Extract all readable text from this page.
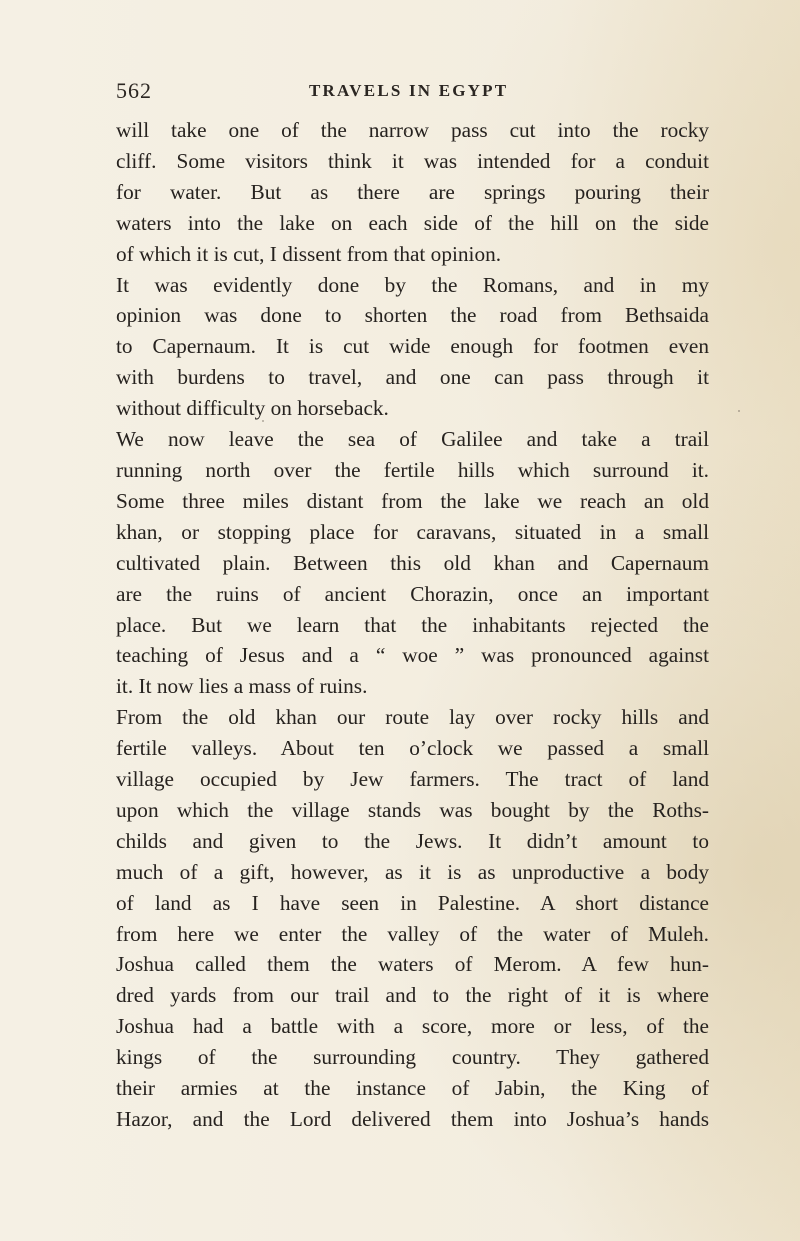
562	TRAVELS IN EGYPT
will take one of the narrow pass cut into the rocky
cliff. Some visitors think it was intended for a conduit
for water. But as there are springs pouring their
waters into the lake on each side of the hill on the side
of which it is cut, I dissent from that opinion.
It was evidently done by the Romans, and in my
opinion was done to shorten the road from Bethsaida
to Capernaum. It is cut wide enough for footmen even
with burdens to travel, and one can pass through it
without difficulty on horseback.
We now leave the sea of Galilee and take a trail
running north over the fertile hills which surround it.
Some three miles distant from the lake we reach an old
khan, or stopping place for caravans, situated in a small
cultivated plain. Between this old khan and Capernaum
are the ruins of ancient Chorazin, once an important
place. But we learn that the inhabitants rejected the
teaching of Jesus and a “ woe ” was pronounced against
it. It now lies a mass of ruins.
From the old khan our route lay over rocky hills and
fertile valleys. About ten o’clock we passed a small
village occupied by Jew farmers. The tract of land
upon which the village stands was bought by the Roths-
childs and given to the Jews. It didn’t amount to
much of a gift, however, as it is as unproductive a body
of land as I have seen in Palestine. A short distance
from here we enter the valley of the water of Muleh.
Joshua called them the waters of Merom. A few hun-
dred yards from our trail and to the right of it is where
Joshua had a battle with a score, more or less, of the
kings of the surrounding country. They gathered
their armies at the instance of Jabin, the King of
Hazor, and the Lord delivered them into Joshua’s hands
